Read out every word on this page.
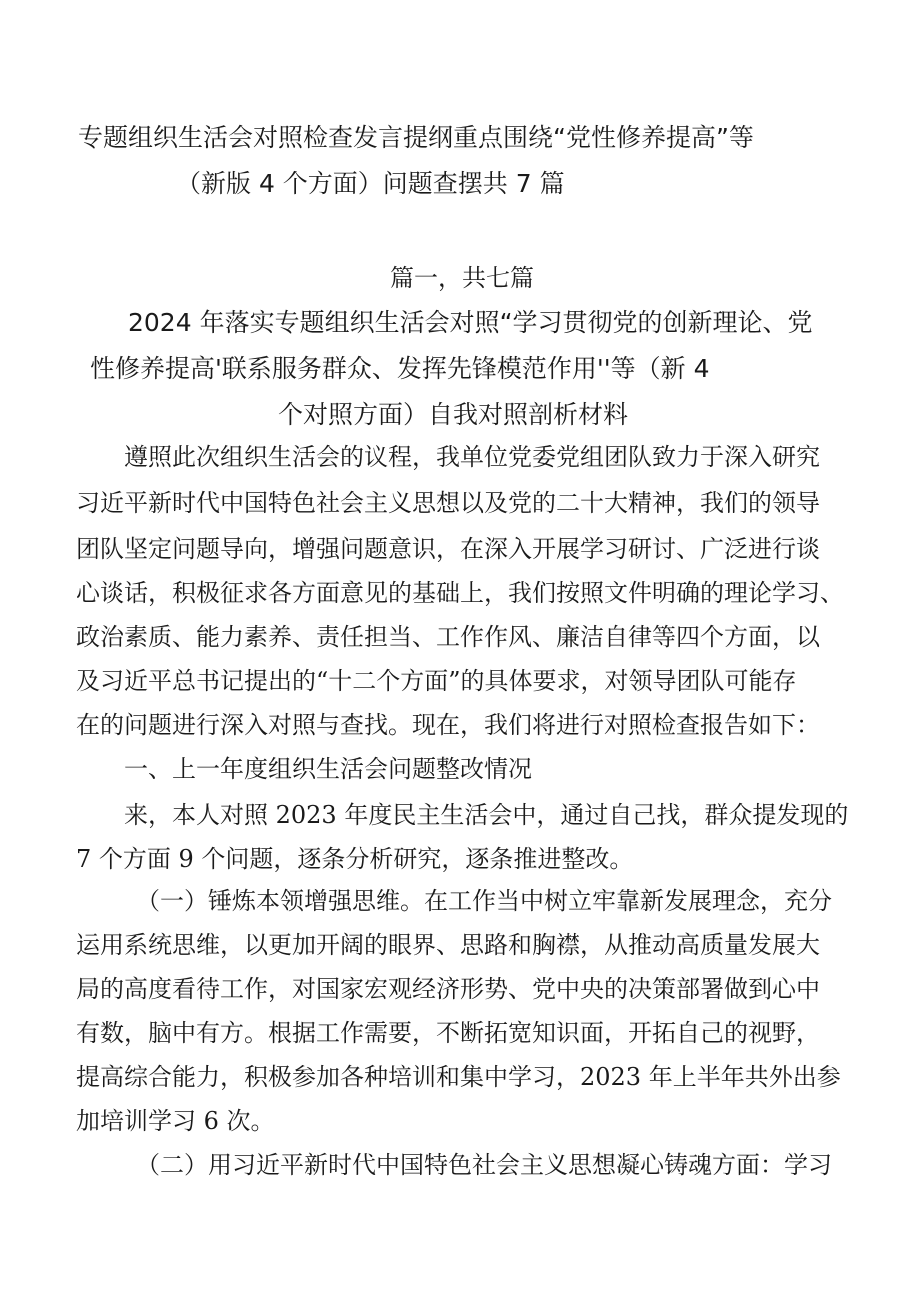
专题组织生活会对照检查发言提纲重点围绕“党性修养提高”等
（新版 4 个方面）问题查摆共 7 篇
篇一，共七篇
2024 年落实专题组织生活会对照“学习贯彻党的创新理论、党
性修养提高'联系服务群众、发挥先锋模范作用''等（新 4
个对照方面）自我对照剖析材料
遵照此次组织生活会的议程，我单位党委党组团队致力于深入研究
习近平新时代中国特色社会主义思想以及党的二十大精神，我们的领导
团队坚定问题导向，增强问题意识，在深入开展学习研讨、广泛进行谈
心谈话，积极征求各方面意见的基础上，我们按照文件明确的理论学习、
政治素质、能力素养、责任担当、工作作风、廉洁自律等四个方面，以
及习近平总书记提出的“十二个方面”的具体要求，对领导团队可能存
在的问题进行深入对照与查找。现在，我们将进行对照检查报告如下：
一、上一年度组织生活会问题整改情况
来，本人对照 2023 年度民主生活会中，通过自己找，群众提发现的
7 个方面 9 个问题，逐条分析研究，逐条推进整改。
（一）锤炼本领增强思维。在工作当中树立牢靠新发展理念，充分
运用系统思维，以更加开阔的眼界、思路和胸襟，从推动高质量发展大
局的高度看待工作，对国家宏观经济形势、党中央的决策部署做到心中
有数，脑中有方。根据工作需要，不断拓宽知识面，开拓自己的视野，
提高综合能力，积极参加各种培训和集中学习，2023 年上半年共外出参
加培训学习 6 次。
（二）用习近平新时代中国特色社会主义思想凝心铸魂方面：学习
